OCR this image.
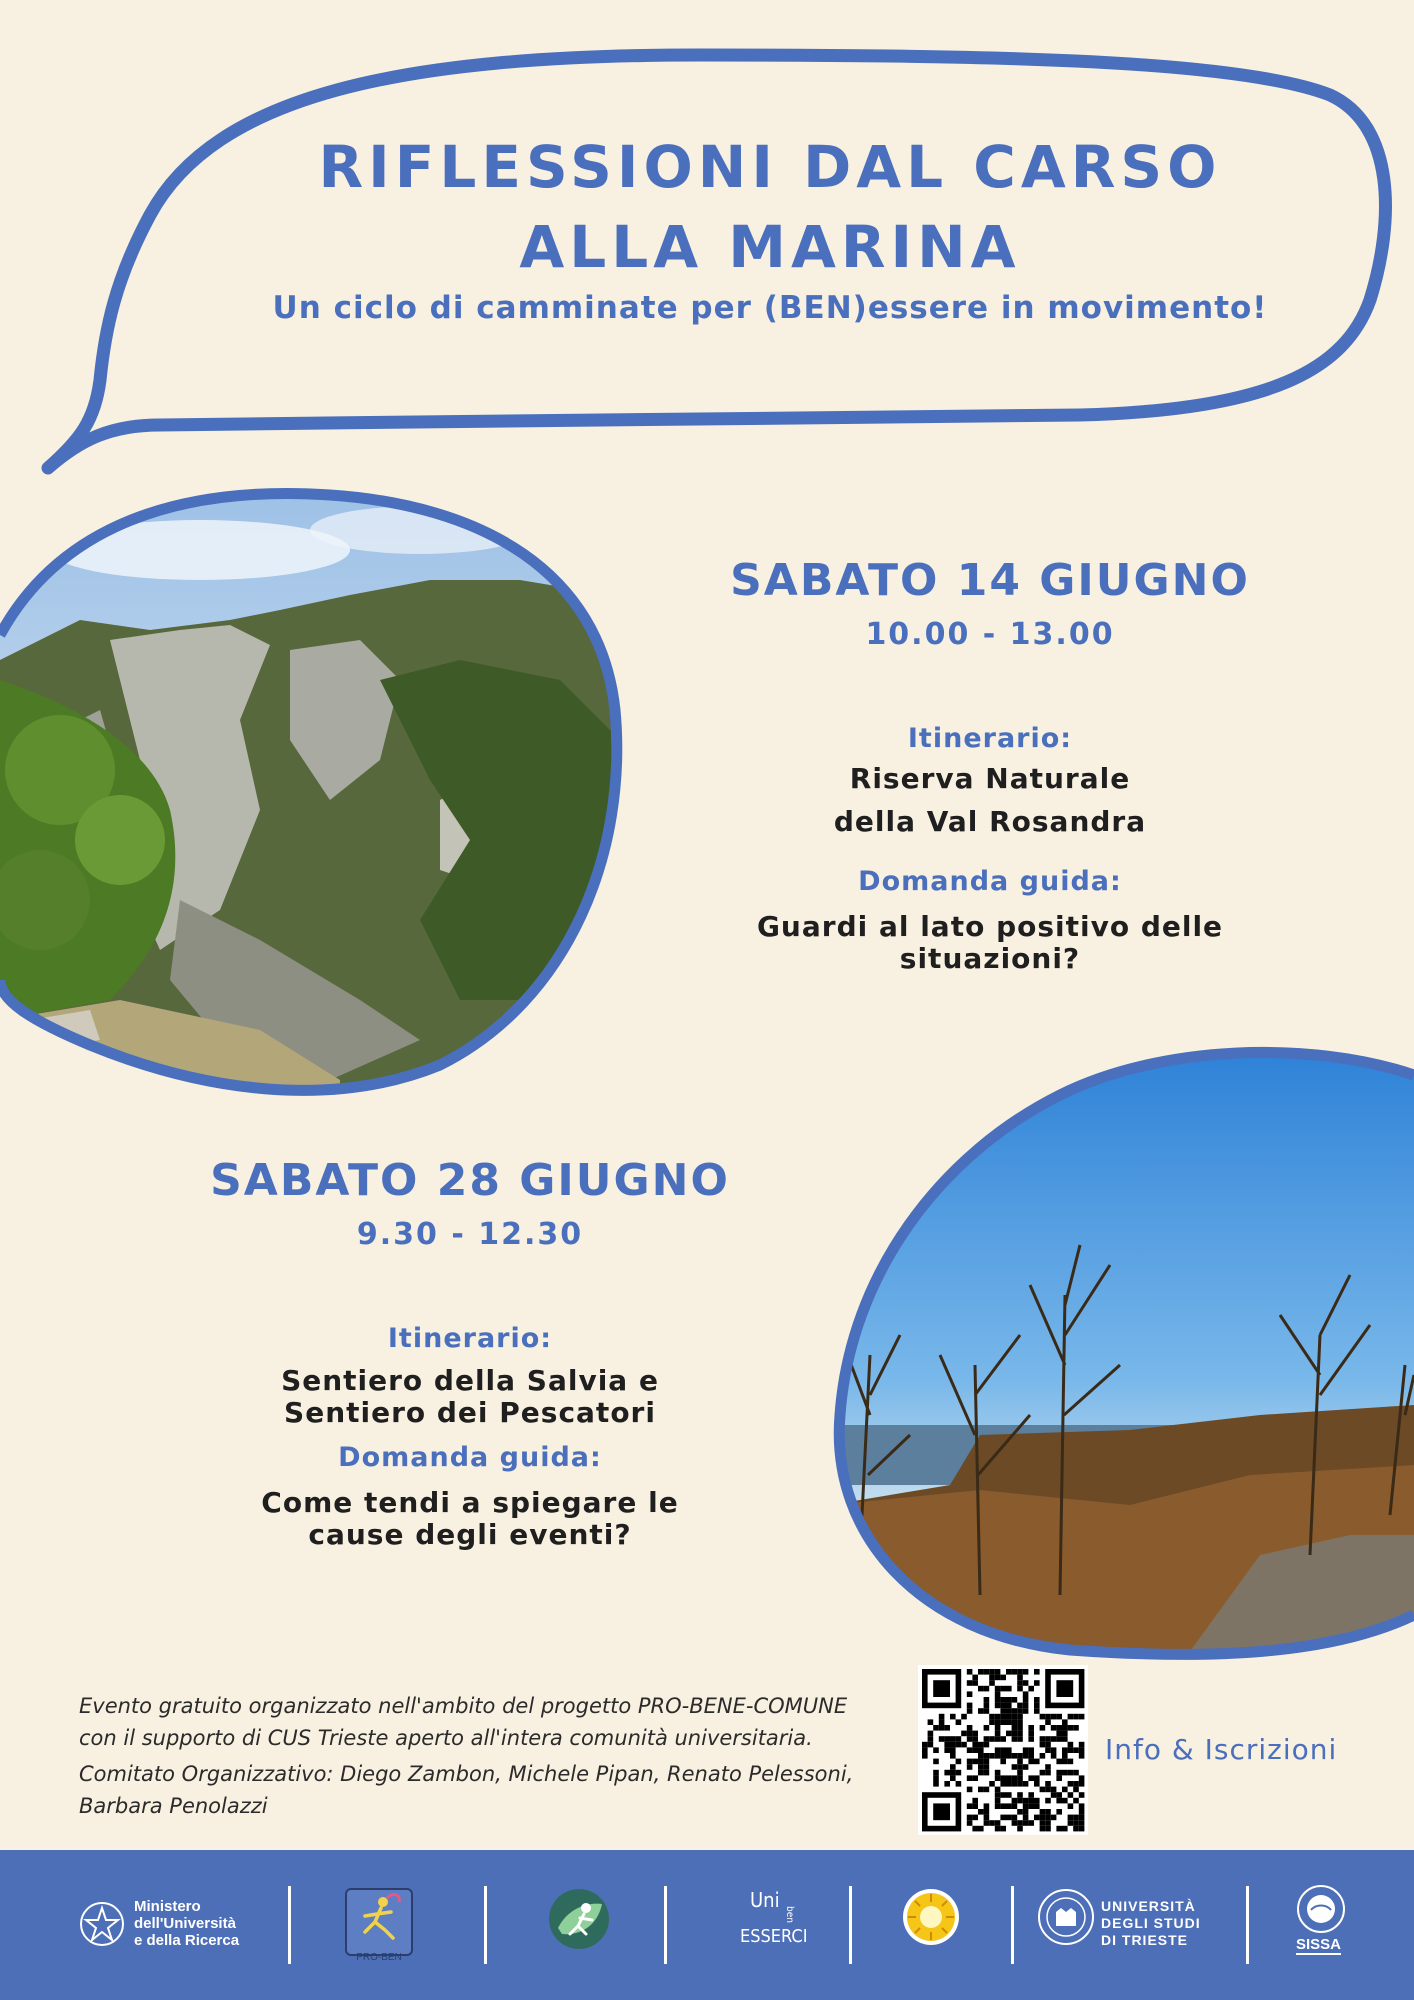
RIFLESSIONI DAL CARSO
ALLA MARINA
Un ciclo di camminate per (BEN)essere in movimento!
SABATO 14 GIUGNO
10.00 - 13.00
Itinerario:
Riserva Naturale
della Val Rosandra
Domanda guida:
Guardi al lato positivo delle
situazioni?
SABATO 28 GIUGNO
9.30 - 12.30
Itinerario:
Sentiero della Salvia e
Sentiero dei Pescatori
Domanda guida:
Come tendi a spiegare le
cause degli eventi?
Evento gratuito organizzato nell'ambito del progetto PRO-BENE-COMUNE
con il supporto di CUS Trieste aperto all'intera comunità universitaria.
Comitato Organizzativo: Diego Zambon, Michele Pipan, Renato Pelessoni,
Barbara Penolazzi
Info & Iscrizioni
Ministero
dell'Università
e della Ricerca
PRO-BEN
Uni
ben
ESSERCI
UNIVERSITÀ
DEGLI STUDI
DI TRIESTE	SISSA
